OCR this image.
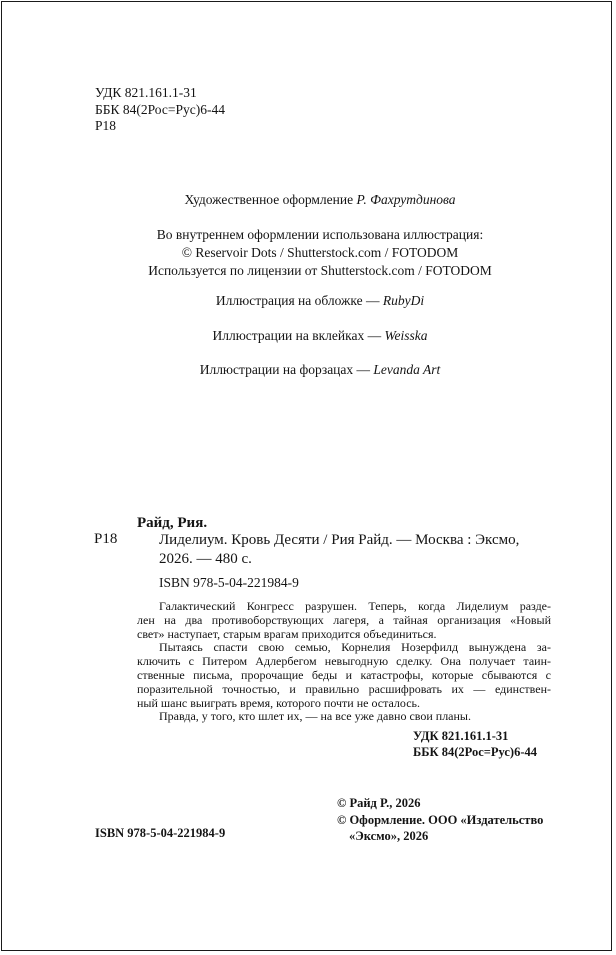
УДК 821.161.1-31
ББК 84(2Рос=Рус)6-44
Р18
Художественное оформление Р. Фахрутдинова
Во внутреннем оформлении использована иллюстрация:
© Reservoir Dots / Shutterstock.com / FOTODOM
Используется по лицензии от Shutterstock.com / FOTODOM
Иллюстрация на обложке — RubyDi
Иллюстрации на вклейках — Weisska
Иллюстрации на форзацах — Levanda Art
Райд, Рия.
Р18	Лиделиум. Кровь Десяти / Рия Райд. — Москва : Эксмо,
2026. — 480 с.
ISBN 978-5-04-221984-9

Галактический Конгресс разрушен. Теперь, когда Лиделиум разде-
лен на два противоборствующих лагеря, а тайная организация «Новый
свет» наступает, старым врагам приходится объединиться.

Пытаясь спасти свою семью, Корнелия Нозерфилд вынуждена за-
ключить с Питером Адлербегом невыгодную сделку. Она получает таин-
ственные письма, пророчащие беды и катастрофы, которые сбываются с
поразительной точностью, и правильно расшифровать их — единствен-
ный шанс выиграть время, которого почти не осталось.

Правда, у того, кто шлет их, — на все уже давно свои планы.

УДК 821.161.1-31
ББК 84(2Рос=Рус)6-44
© Райд Р., 2026
© Оформление. ООО «Издательство
«Эксмо», 2026
ISBN 978-5-04-221984-9
